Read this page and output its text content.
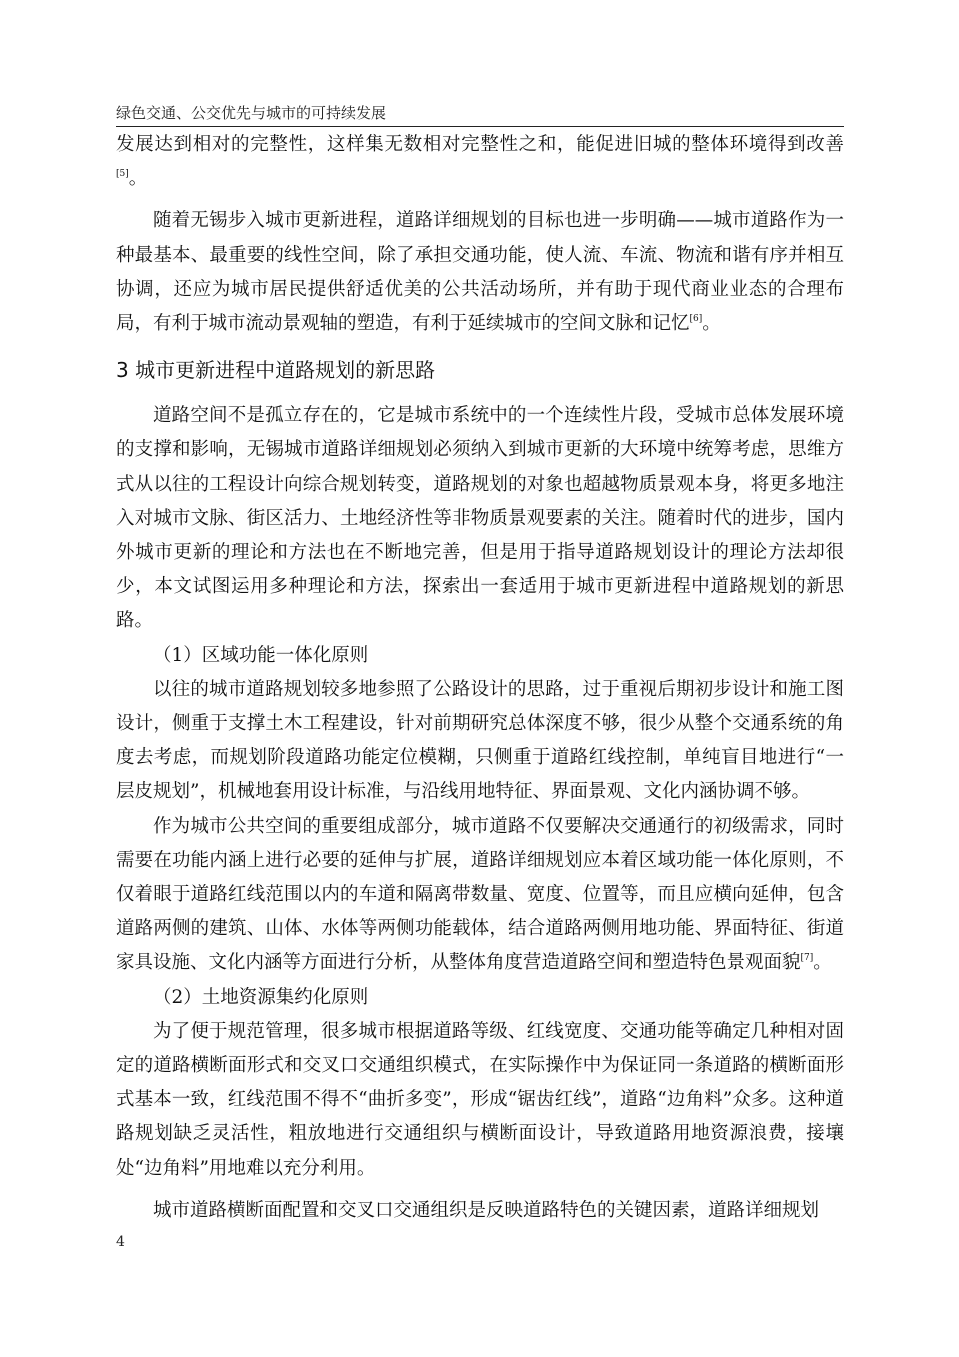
绿色交通、公交优先与城市的可持续发展

发展达到相对的完整性，这样集无数相对完整性之和，能促进旧城的整体环境得到改善[5]。

随着无锡步入城市更新进程，道路详细规划的目标也进一步明确——城市道路作为一种最基本、最重要的线性空间，除了承担交通功能，使人流、车流、物流和谐有序并相互协调，还应为城市居民提供舒适优美的公共活动场所，并有助于现代商业业态的合理布局，有利于城市流动景观轴的塑造，有利于延续城市的空间文脉和记忆[6]。

3 城市更新进程中道路规划的新思路

道路空间不是孤立存在的，它是城市系统中的一个连续性片段，受城市总体发展环境的支撑和影响，无锡城市道路详细规划必须纳入到城市更新的大环境中统筹考虑，思维方式从以往的工程设计向综合规划转变，道路规划的对象也超越物质景观本身，将更多地注入对城市文脉、街区活力、土地经济性等非物质景观要素的关注。随着时代的进步，国内外城市更新的理论和方法也在不断地完善，但是用于指导道路规划设计的理论方法却很少，本文试图运用多种理论和方法，探索出一套适用于城市更新进程中道路规划的新思路。

（1）区域功能一体化原则

以往的城市道路规划较多地参照了公路设计的思路，过于重视后期初步设计和施工图设计，侧重于支撑土木工程建设，针对前期研究总体深度不够，很少从整个交通系统的角度去考虑，而规划阶段道路功能定位模糊，只侧重于道路红线控制，单纯盲目地进行“一层皮规划”，机械地套用设计标准，与沿线用地特征、界面景观、文化内涵协调不够。

作为城市公共空间的重要组成部分，城市道路不仅要解决交通通行的初级需求，同时需要在功能内涵上进行必要的延伸与扩展，道路详细规划应本着区域功能一体化原则，不仅着眼于道路红线范围以内的车道和隔离带数量、宽度、位置等，而且应横向延伸，包含道路两侧的建筑、山体、水体等两侧功能载体，结合道路两侧用地功能、界面特征、街道家具设施、文化内涵等方面进行分析，从整体角度营造道路空间和塑造特色景观面貌[7]。

（2）土地资源集约化原则

为了便于规范管理，很多城市根据道路等级、红线宽度、交通功能等确定几种相对固定的道路横断面形式和交叉口交通组织模式，在实际操作中为保证同一条道路的横断面形式基本一致，红线范围不得不“曲折多变”，形成“锯齿红线”，道路“边角料”众多。这种道路规划缺乏灵活性，粗放地进行交通组织与横断面设计，导致道路用地资源浪费，接壤处“边角料”用地难以充分利用。

城市道路横断面配置和交叉口交通组织是反映道路特色的关键因素，道路详细规划

4
